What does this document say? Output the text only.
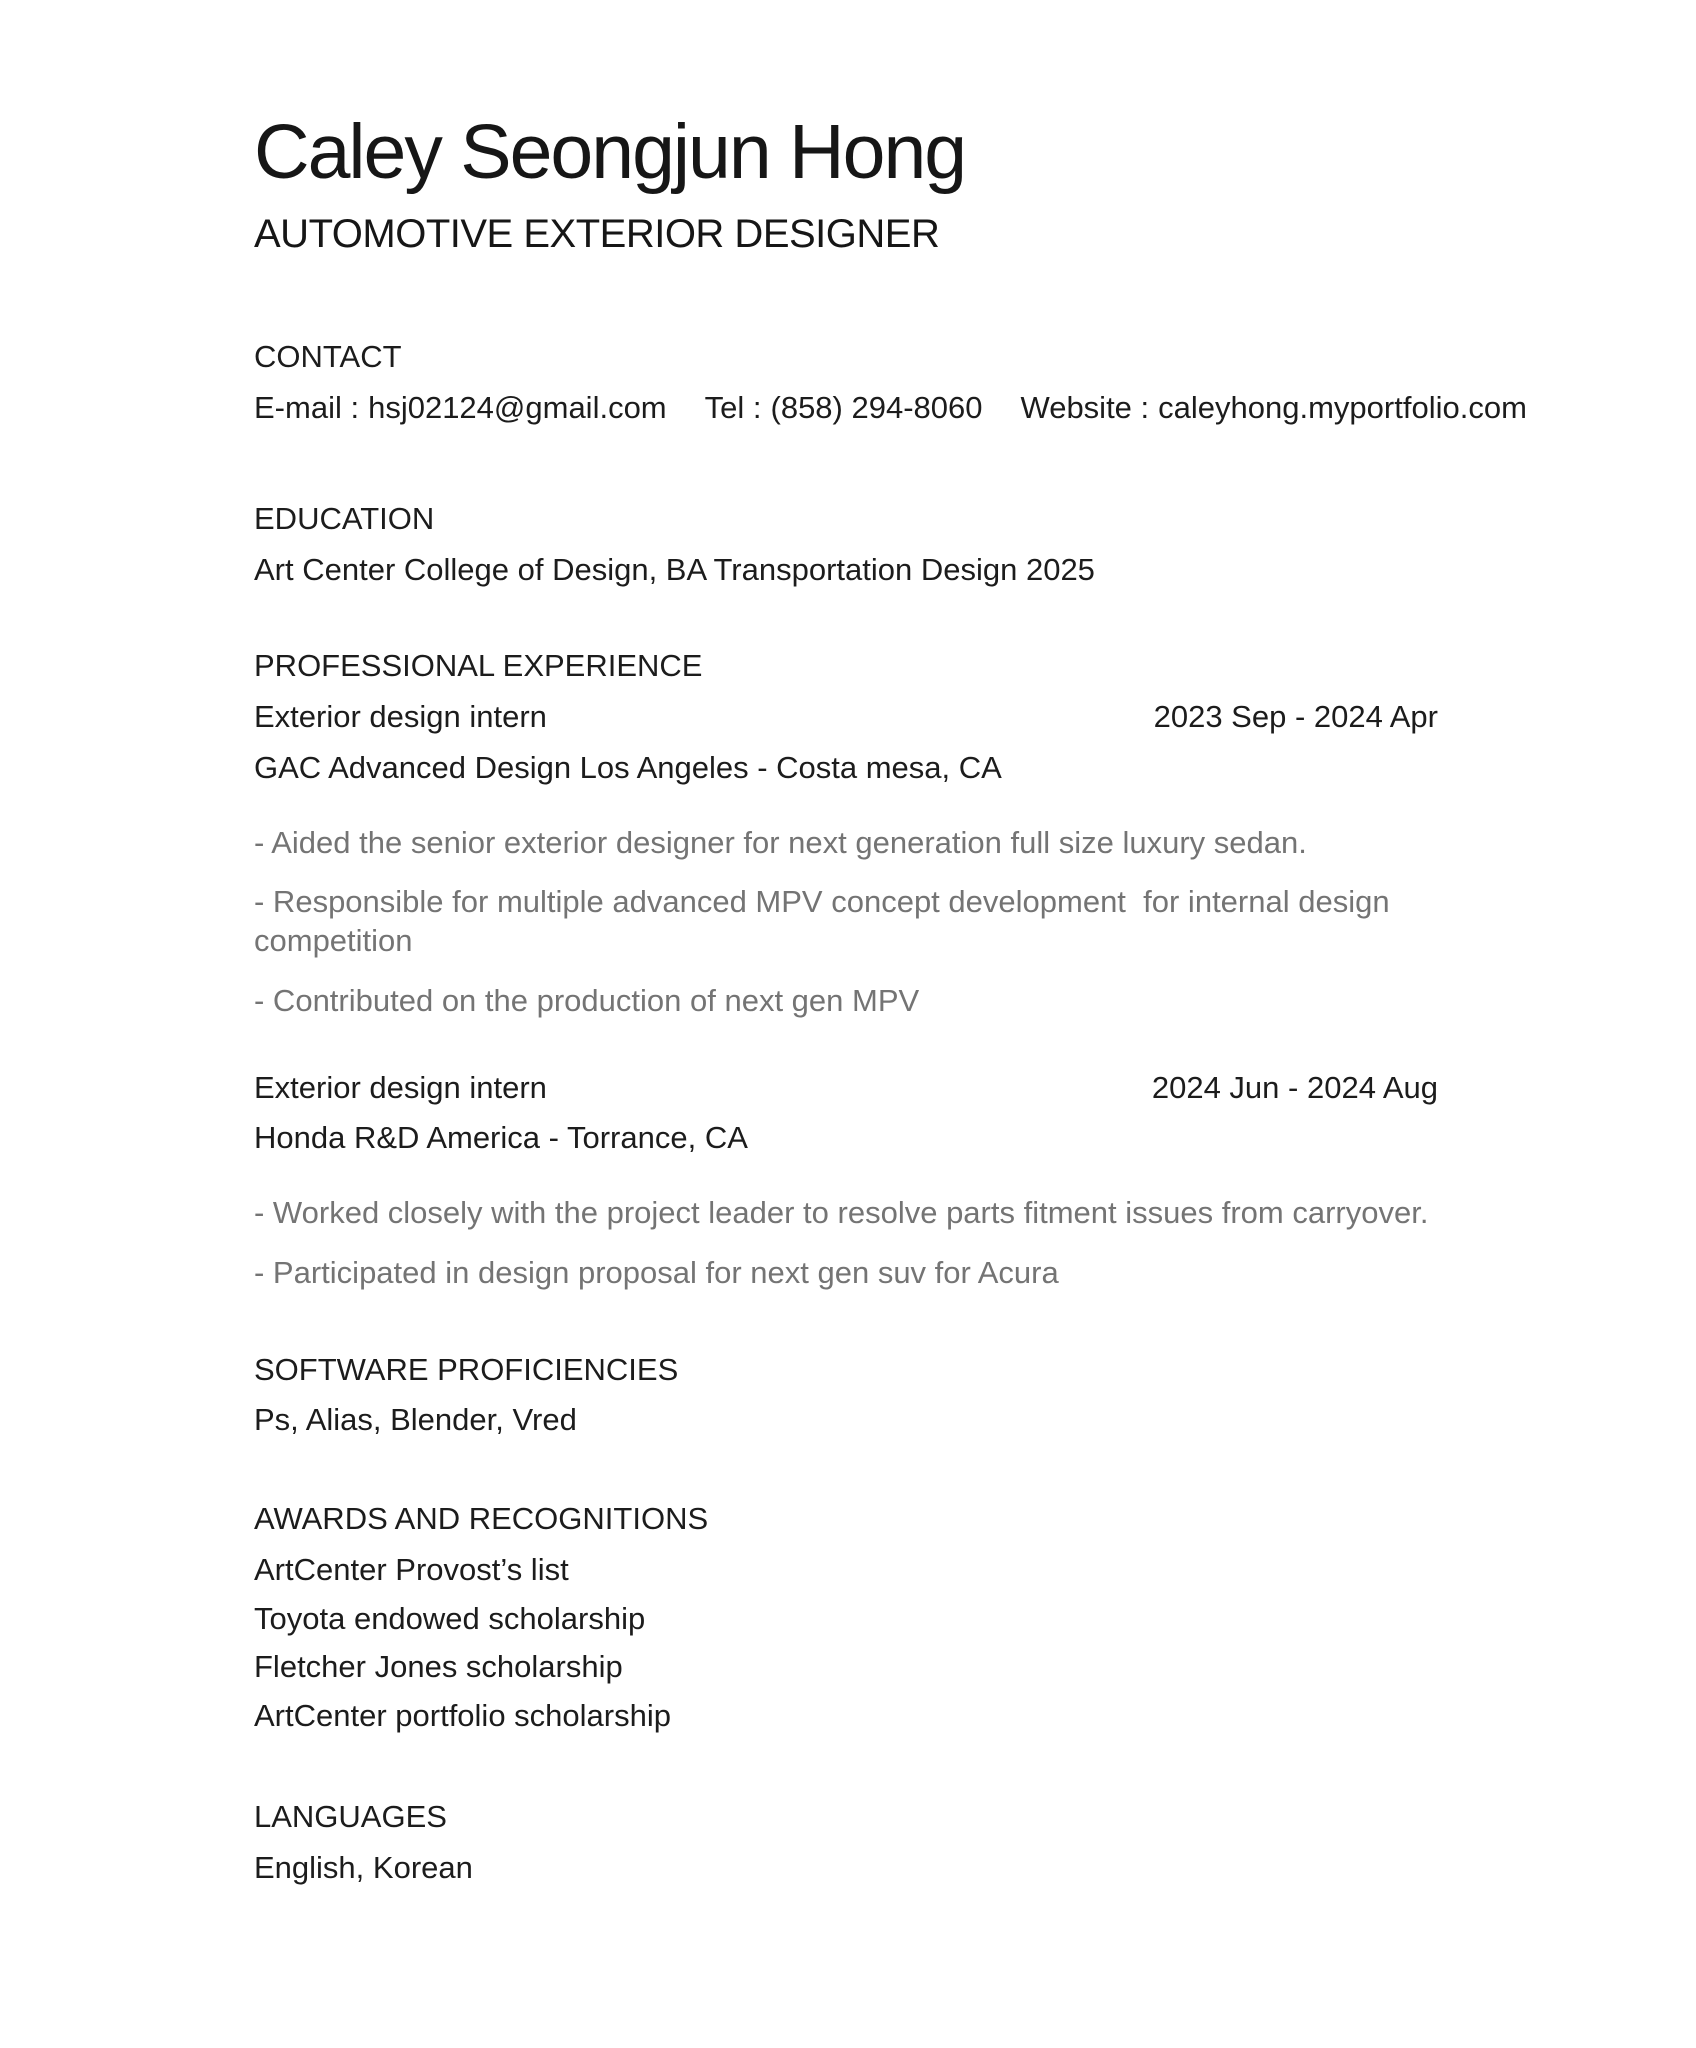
Caley Seongjun Hong
AUTOMOTIVE EXTERIOR DESIGNER
CONTACT
E-mail : hsj02124@gmail.com Tel : (858) 294-8060 Website : caleyhong.myportfolio.com
EDUCATION
Art Center College of Design, BA Transportation Design 2025
PROFESSIONAL EXPERIENCE
Exterior design intern	2023 Sep - 2024 Apr
GAC Advanced Design Los Angeles - Costa mesa, CA
- Aided the senior exterior designer for next generation full size luxury sedan.
- Responsible for multiple advanced MPV concept development  for internal design competition
- Contributed on the production of next gen MPV
Exterior design intern	2024 Jun - 2024 Aug
Honda R&D America - Torrance, CA
- Worked closely with the project leader to resolve parts fitment issues from carryover.
- Participated in design proposal for next gen suv for Acura
SOFTWARE PROFICIENCIES
Ps, Alias, Blender, Vred
AWARDS AND RECOGNITIONS
ArtCenter Provost’s list
Toyota endowed scholarship
Fletcher Jones scholarship
ArtCenter portfolio scholarship
LANGUAGES
English, Korean
